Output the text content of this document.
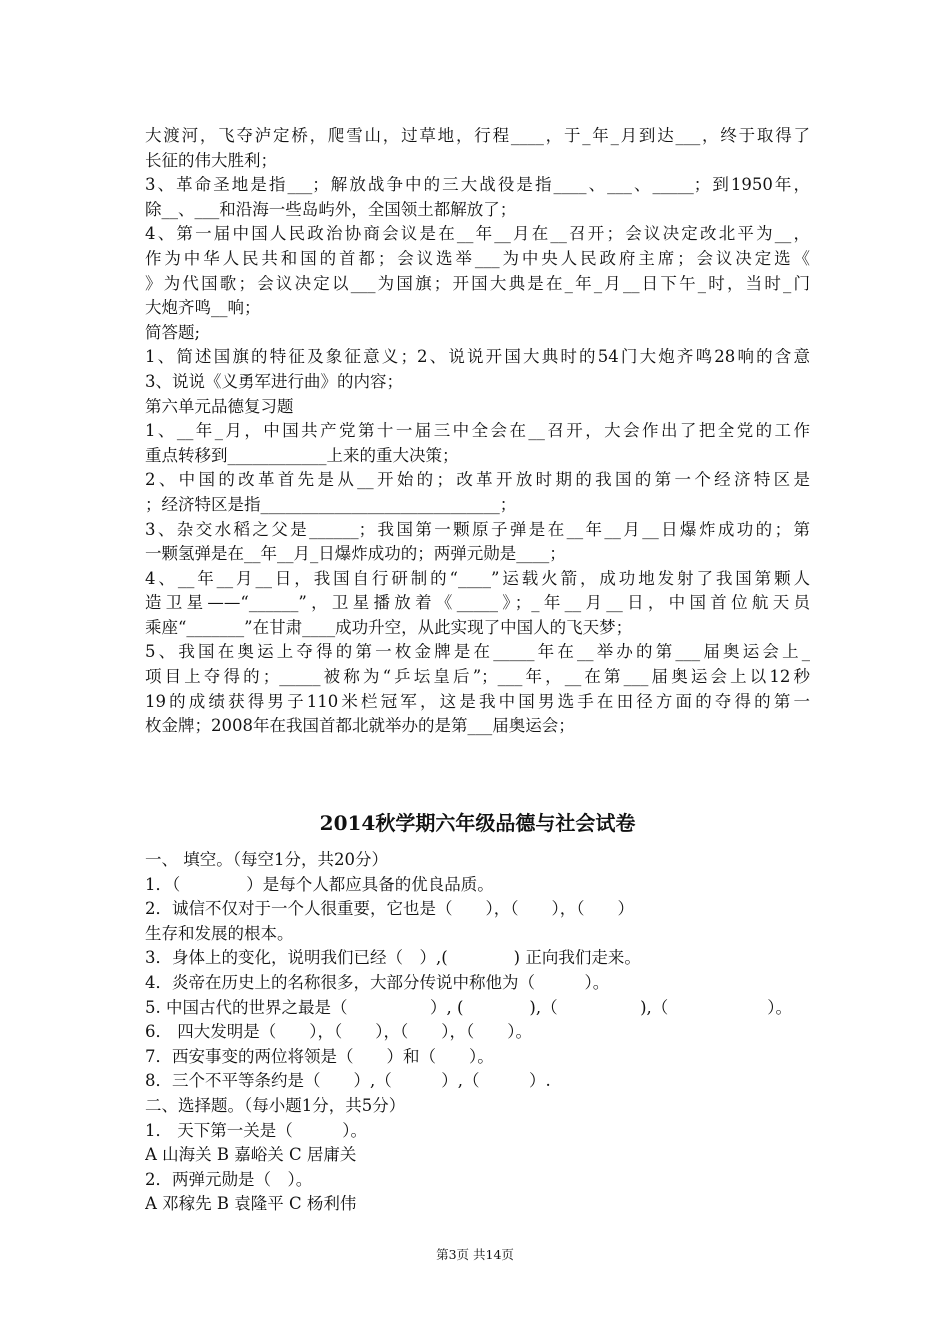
大渡河，飞夺泸定桥，爬雪山，过草地，行程____，于_年_月到达___，终于取得了
长征的伟大胜利；
3、革命圣地是指___；解放战争中的三大战役是指____、___、_____；到1950年，
除__、___和沿海一些岛屿外，全国领土都解放了；
4、第一届中国人民政治协商会议是在__年__月在__召开；会议决定改北平为__，
作为中华人民共和国的首都；会议选举___为中央人民政府主席；会议决定选《
》为代国歌；会议决定以___为国旗；开国大典是在_年_月__日下午_时，当时_门
大炮齐鸣__响；
简答题;
1、简述国旗的特征及象征意义；2、说说开国大典时的54门大炮齐鸣28响的含意
3、说说《义勇军进行曲》的内容；
第六单元品德复习题
1、__年_月，中国共产党第十一届三中全会在__召开，大会作出了把全党的工作
重点转移到____________上来的重大决策；
2、中国的改革首先是从__开始的；改革开放时期的我国的第一个经济特区是
；经济特区是指_____________________________；
3、杂交水稻之父是______；我国第一颗原子弹是在__年__月__日爆炸成功的；第
一颗氢弹是在__年__月_日爆炸成功的；两弹元勋是____；
4、__年__月__日，我国自行研制的“____”运载火箭，成功地发射了我国第颗人
造卫星——“______”，卫星播放着《_____》；_年__月__日，中国首位航天员
乘座“_______”在甘肃____成功升空，从此实现了中国人的飞天梦；
5、我国在奥运上夺得的第一枚金牌是在_____年在__举办的第___届奥运会上_
项目上夺得的；_____被称为“乒坛皇后”；___年，__在第___届奥运会上以12秒
19的成绩获得男子110米栏冠军，这是我中国男选手在田径方面的夺得的第一
枚金牌；2008年在我国首都北就举办的是第___届奥运会；
2014秋学期六年级品德与社会试卷
一、 填空。（每空1分，共20分）
1．（　　　　）是每个人都应具备的优良品质。
2．诚信不仅对于一个人很重要，它也是（　　），（　　），（　　）
生存和发展的根本。
3．身体上的变化，说明我们已经（　）,(　　　　) 正向我们走来。
4．炎帝在历史上的名称很多，大部分传说中称他为（　　　）。
5. 中国古代的世界之最是（　　　　　）, (　　　　),（　　　　　),（　　　　　　）。
6． 四大发明是（　　），（　　），（　　），（　　）。
7．西安事变的两位将领是（　　）和（　　）。
8．三个不平等条约是（　　）,（　　　）,（　　　）.
二、选择题。（每小题1分，共5分）
1． 天下第一关是（　　　）。
A 山海关 B 嘉峪关 C 居庸关
2．两弹元勋是（　）。
A 邓稼先 B 袁隆平 C 杨利伟
第3页 共14页
